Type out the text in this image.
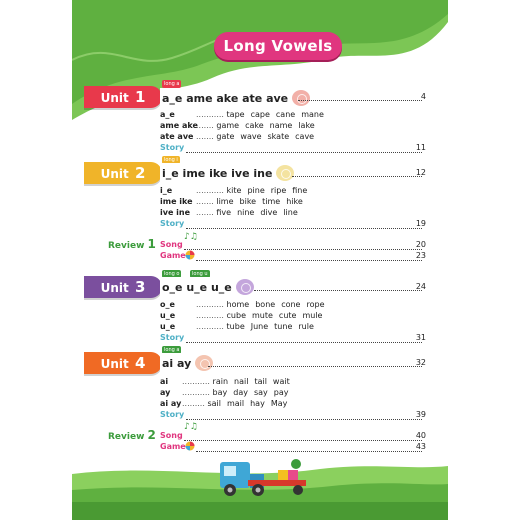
Long Vowels
Unit 1
long a
a_e ame ake ate ave	4
a_e	........... tape cape cane mane
ame ake....... game cake name lake
ate ave ....... gate wave skate cave
Story	11
Unit 2
long i
i_e ime ike ive ine	12
i_e	........... kite pine ripe fine
ime ike ....... lime bike time hike
ive ine ....... five nine dive line
Story	19
Review 1	♪♫
Song	20
Game	23
Unit 3
long o	long u
o_e u_e u_e	24
o_e	........... home bone cone rope
u_e	........... cube mute cute mule
u_e	........... tube June tune rule
Story	31
Unit 4
long a
ai ay	32
ai ........... rain nail tail wait
ay ........... bay day say pay
ai ay......... sail mail hay May
Story	39
Review 2
♪♫
Song	40
Game	43
